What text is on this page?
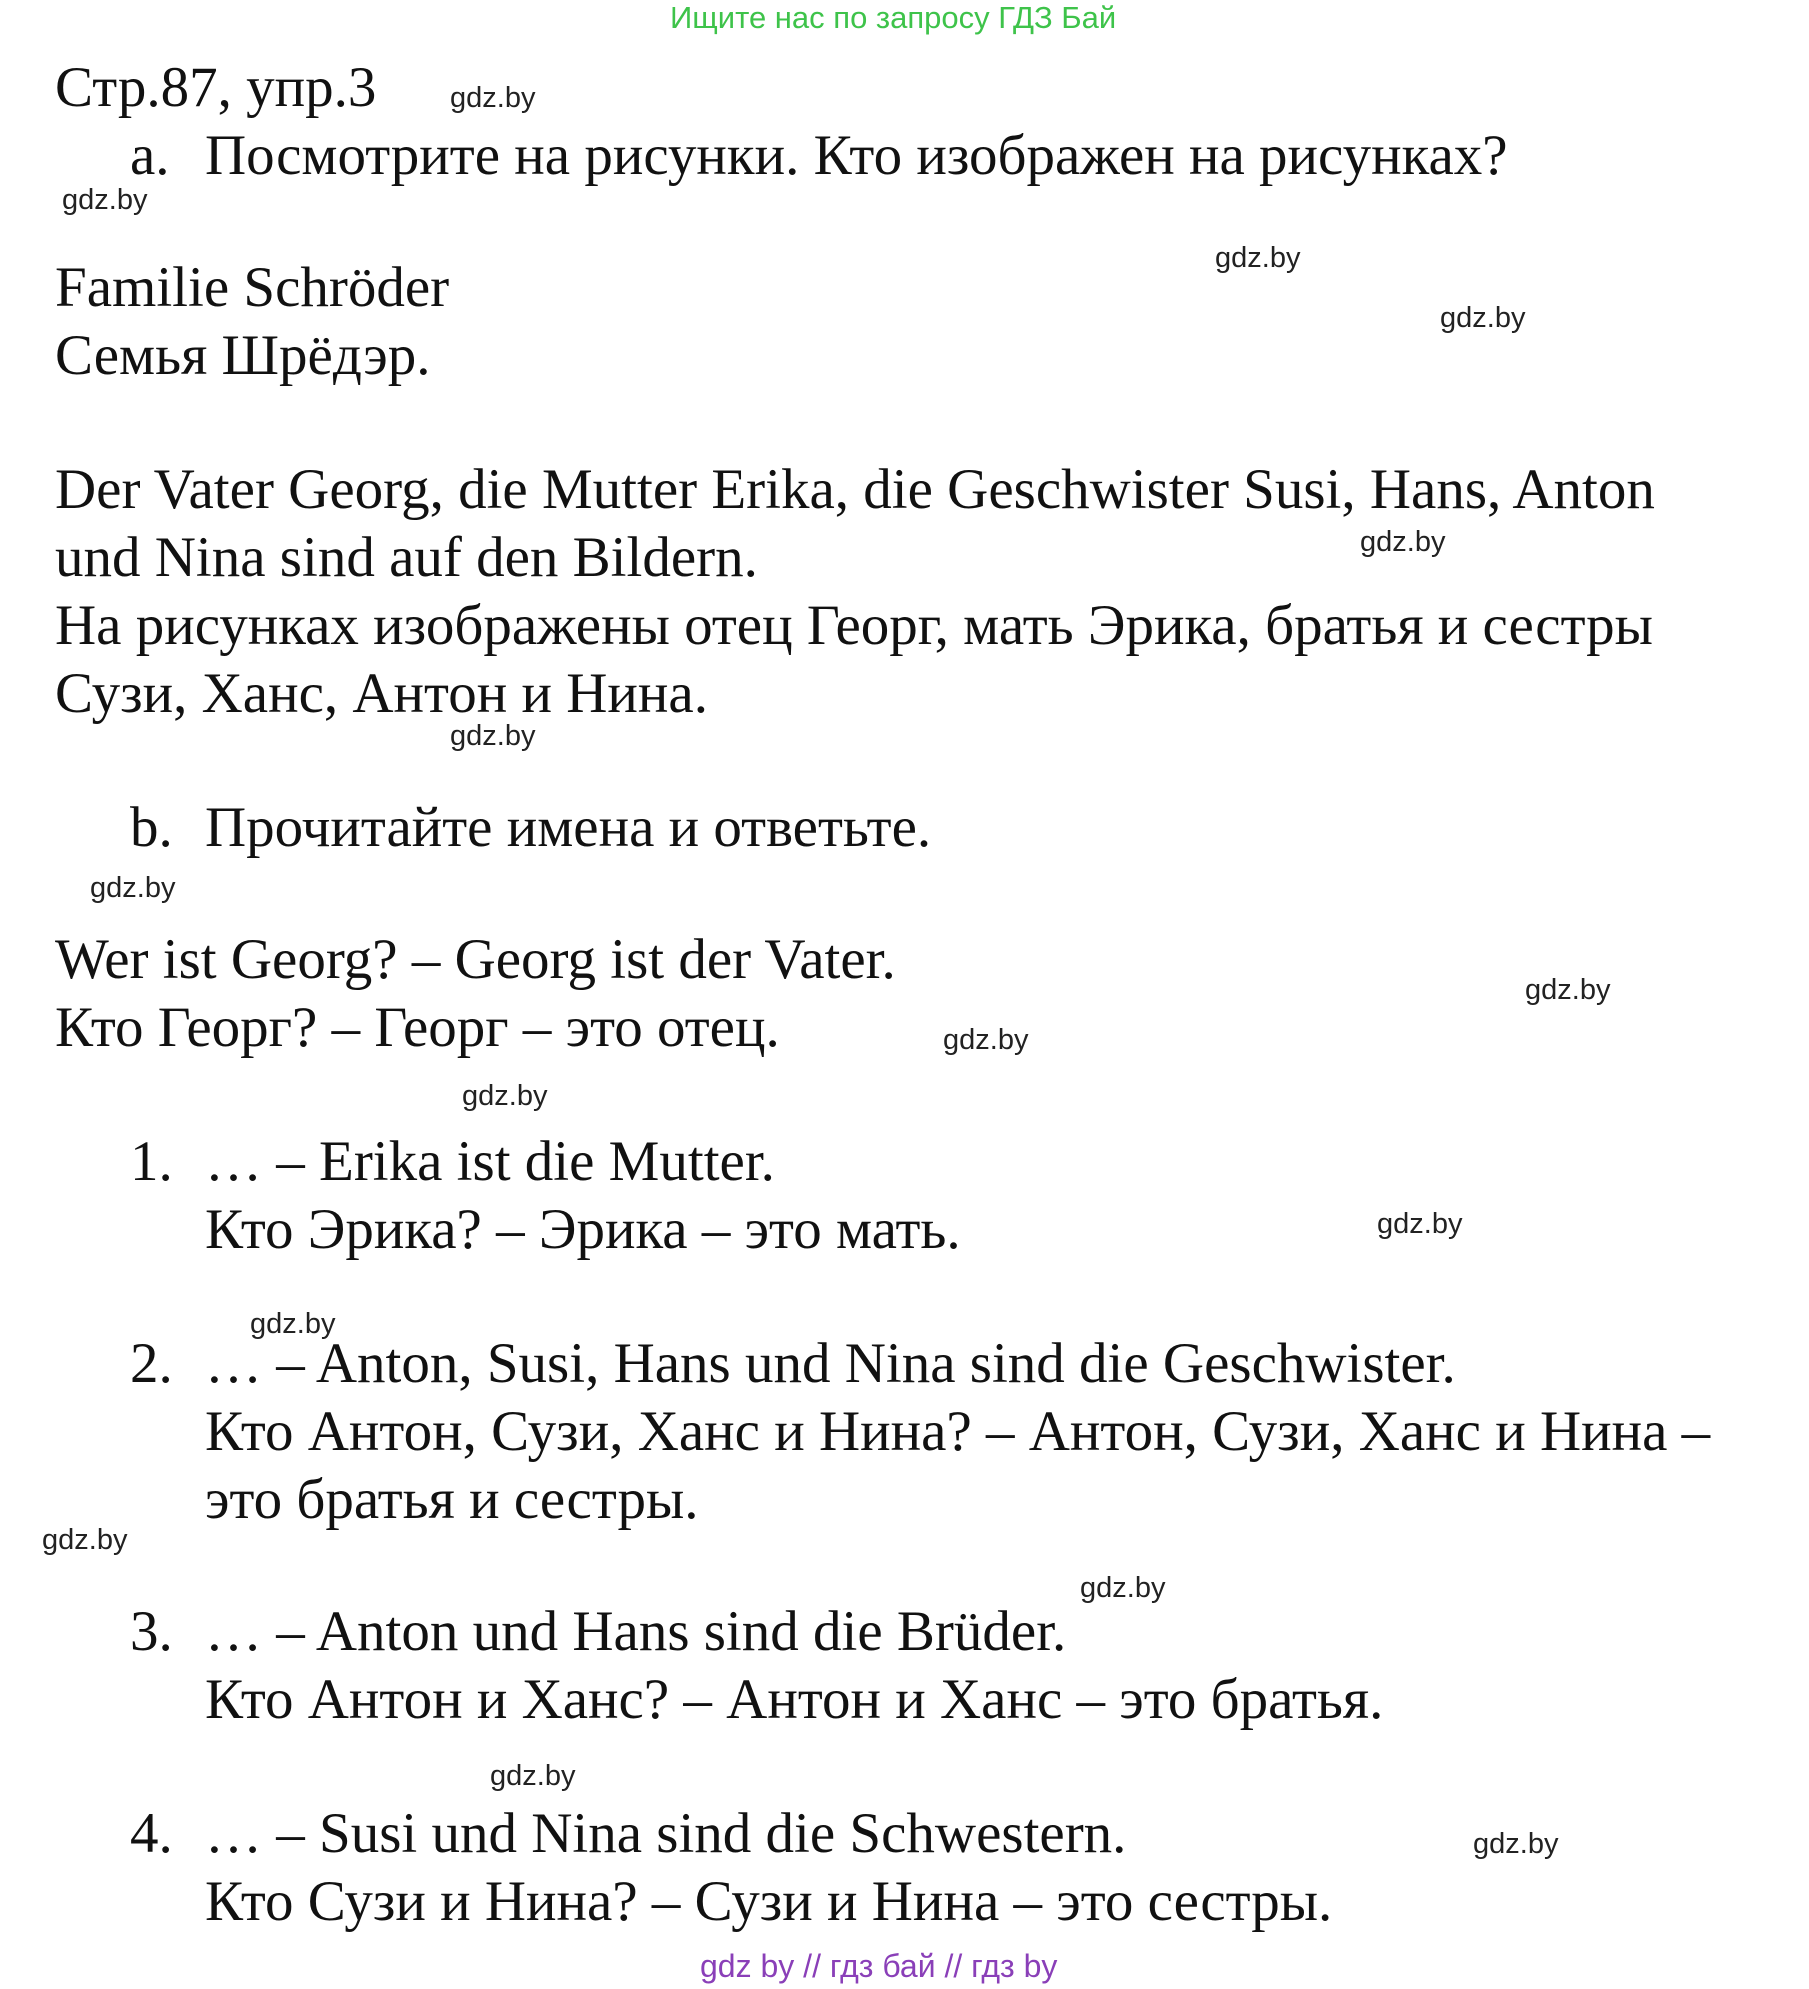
Ищите нас по запросу ГДЗ Бай
Стр.87, упр.3
a. Посмотрите на рисунки. Кто изображен на рисунках?
Familie Schröder
Семья Шрёдэр.
Der Vater Georg, die Mutter Erika, die Geschwister Susi, Hans, Anton
und Nina sind auf den Bildern.
На рисунках изображены отец Георг, мать Эрика, братья и сестры
Сузи, Ханс, Антон и Нина.
b. Прочитайте имена и ответьте.
Wer ist Georg? – Georg ist der Vater.
Кто Георг? – Георг – это отец.
1. … – Erika ist die Mutter.
Кто Эрика? – Эрика – это мать.
2. … – Anton, Susi, Hans und Nina sind die Geschwister.
Кто Антон, Сузи, Ханс и Нина? – Антон, Сузи, Ханс и Нина –
это братья и сестры.
3. … – Anton und Hans sind die Brüder.
Кто Антон и Ханс? – Антон и Ханс – это братья.
4. … – Susi und Nina sind die Schwestern.
Кто Сузи и Нина? – Сузи и Нина – это сестры.
gdz.by
gdz.by
gdz.by
gdz.by
gdz.by
gdz.by
gdz.by
gdz.by
gdz.by
gdz.by
gdz.by
gdz.by
gdz.by
gdz.by
gdz.by
gdz.by
gdz by // гдз бай // гдз by
